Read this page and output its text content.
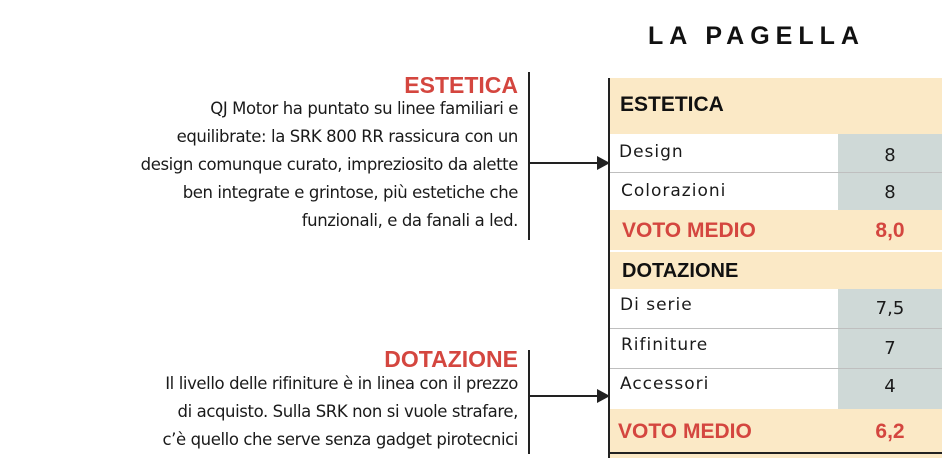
LA PAGELLA
ESTETICA
QJ Motor ha puntato su linee familiari e
equilibrate: la SRK 800 RR rassicura con un
design comunque curato, impreziosito da alette
ben integrate e grintose, più estetiche che
funzionali, e da fanali a led.
DOTAZIONE
Il livello delle rifiniture è in linea con il prezzo
di acquisto. Sulla SRK non si vuole strafare,
c’è quello che serve senza gadget pirotecnici
ESTETICA
Design	8
Colorazioni	8
VOTO MEDIO	8,0
DOTAZIONE
Di serie	7,5
Rifiniture	7
Accessori	4
VOTO MEDIO	6,2
